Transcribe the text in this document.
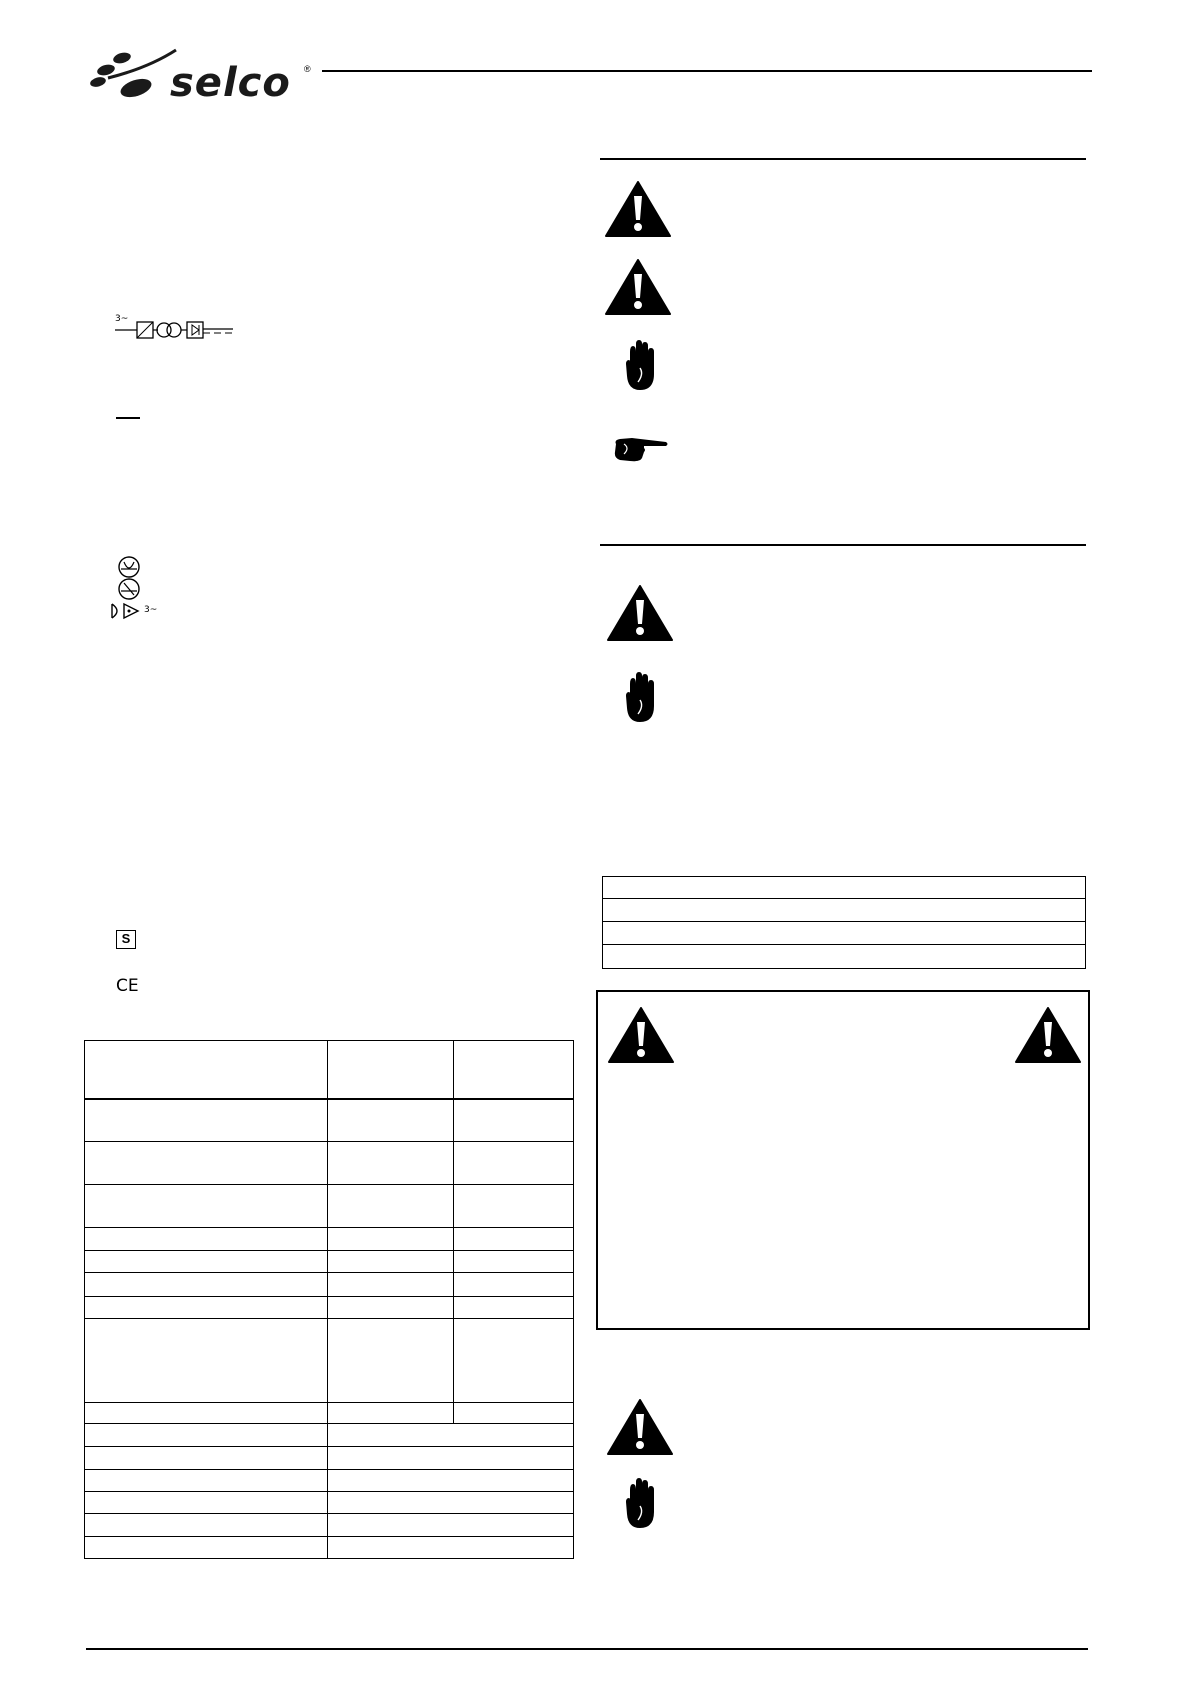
selco ®
3~
3~
S
CE
